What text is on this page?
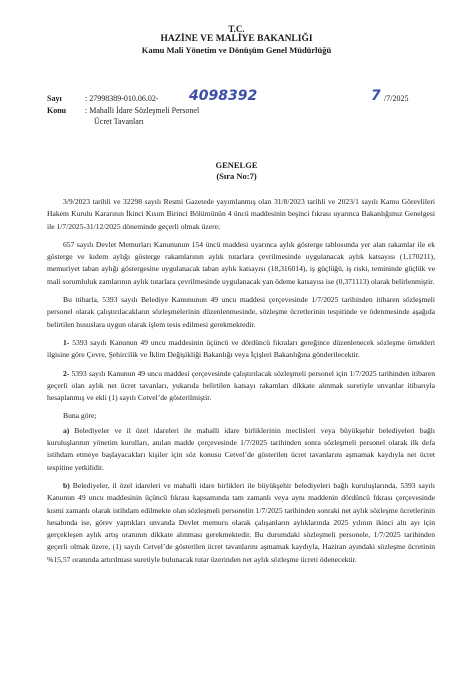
T.C.
HAZİNE VE MALİYE BAKANLIĞI
Kamu Mali Yönetim ve Dönüşüm Genel Müdürlüğü
Sayı	: 27998389-010.06.02- 4098392	7 /7/2025
Konu : Mahalli İdare Sözleşmeli Personel
Ücret Tavanları
GENELGE
(Sıra No:7)

3/9/2023 tarihli ve 32298 sayılı Resmi Gazetede yayımlanmış olan 31/8/2023 tarihli ve 2023/1 sayılı Kamu Görevlileri Hakem Kurulu Kararının İkinci Kısım Birinci Bölümünün 4 üncü maddesinin beşinci fıkrası uyarınca Bakanlığımız Genelgesi ile 1/7/2025-31/12/2025 döneminde geçerli olmak üzere;

657 sayılı Devlet Memurları Kanununun 154 üncü maddesi uyarınca aylık gösterge tablosunda yer alan rakamlar ile ek gösterge ve kıdem aylığı gösterge rakamlarının aylık tutarlara çevrilmesinde uygulanacak aylık katsayısı (1,170211), memuriyet taban aylığı göstergesine uygulanacak taban aylık katsayısı (18,316014), iş güçlüğü, iş riski, temininde güçlük ve mali sorumluluk zamlarının aylık tutarlara çevrilmesinde uygulanacak yan ödeme katsayısı ise (0,371113) olarak belirlenmiştir.

Bu itibarla, 5393 sayılı Belediye Kanununun 49 uncu maddesi çerçevesinde 1/7/2025 tarihinden itibaren sözleşmeli personel olarak çalıştırılacakların sözleşmelerinin düzenlenmesinde, sözleşme ücretlerinin tespitinde ve ödenmesinde aşağıda belirtilen hususlara uygun olarak işlem tesis edilmesi gerekmektedir.

1- 5393 sayılı Kanunun 49 uncu maddesinin üçüncü ve dördüncü fıkraları gereğince düzenlenecek sözleşme örnekleri ilgisine göre Çevre, Şehircilik ve İklim Değişikliği Bakanlığı veya İçişleri Bakanlığına gönderilecektir.

2- 5393 sayılı Kanunun 49 uncu maddesi çerçevesinde çalıştırılacak sözleşmeli personel için 1/7/2025 tarihinden itibaren geçerli olan aylık net ücret tavanları, yukarıda belirtilen katsayı rakamları dikkate alınmak suretiyle unvanlar itibarıyla hesaplanmış ve ekli (1) sayılı Cetvel’de gösterilmiştir.

Buna göre;

a) Belediyeler ve il özel idareleri ile mahalli idare birliklerinin meclisleri veya büyükşehir belediyeleri bağlı kuruluşlarının yönetim kurulları, anılan madde çerçevesinde 1/7/2025 tarihinden sonra sözleşmeli personel olarak ilk defa istihdam etmeye başlayacakları kişiler için söz konusu Cetvel’de gösterilen ücret tavanlarını aşmamak kaydıyla net ücret tespitine yetkilidir.

b) Belediyeler, il özel idareleri ve mahalli idare birlikleri ile büyükşehir belediyeleri bağlı kuruluşlarında, 5393 sayılı Kanunun 49 uncu maddesinin üçüncü fıkrası kapsamında tam zamanlı veya aynı maddenin dördüncü fıkrası çerçevesinde kısmi zamanlı olarak istihdam edilmekte olan sözleşmeli personelin 1/7/2025 tarihinden sonraki net aylık sözleşme ücretlerinin hesabında ise, görev yaptıkları unvanda Devlet memuru olarak çalışanların aylıklarında 2025 yılının ikinci altı ayı için gerçekleşen aylık artış oranının dikkate alınması gerekmektedir. Bu durumdaki sözleşmeli personele, 1/7/2025 tarihinden geçerli olmak üzere, (1) sayılı Cetvel’de gösterilen ücret tavanlarını aşmamak kaydıyla, Haziran ayındaki sözleşme ücretinin %15,57 oranında artırılması suretiyle bulunacak tutar üzerinden net aylık sözleşme ücreti ödenecektir.
